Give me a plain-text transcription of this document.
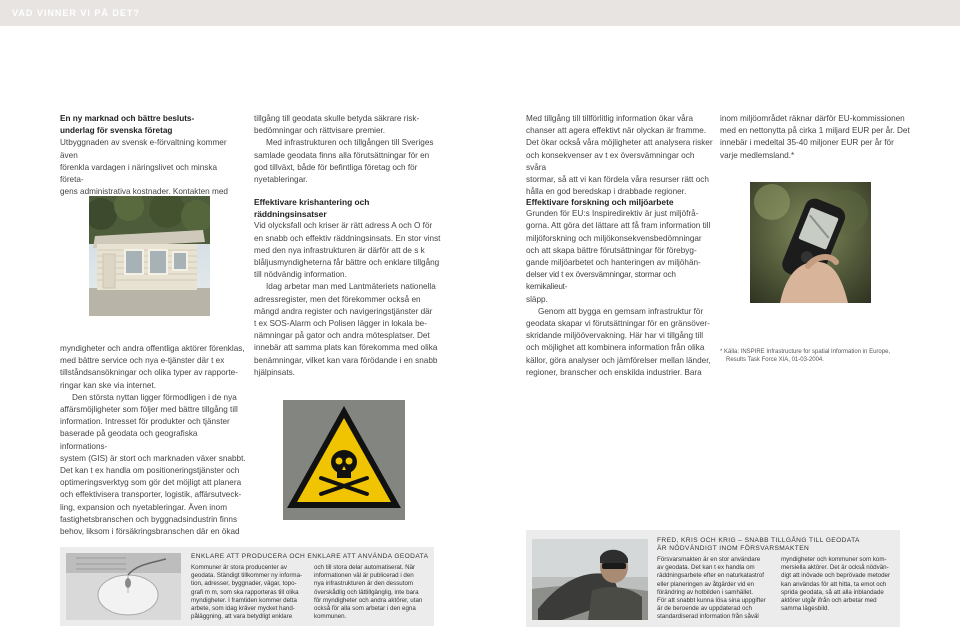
VAD VINNER VI PÅ DET?

En ny marknad och bättre besluts-

underlag för svenska företag

Utbyggnaden av svensk e-förvaltning kommer även

förenkla vardagen i näringslivet och minska företa-

gens administrativa kostnader. Kontakten med

myndigheter och andra offentliga aktörer förenklas,

med bättre service och nya e-tjänster där t ex

tillståndsansökningar och olika typer av rapporte-

ringar kan ske via internet.

Den största nyttan ligger förmodligen i de nya

affärsmöjligheter som följer med bättre tillgång till

information. Intresset för produkter och tjänster

baserade på geodata och geografiska informations-

system (GIS) är stort och marknaden växer snabbt.

Det kan t ex handla om positioneringstjänster och

optimeringsverktyg som gör det möjligt att planera

och effektivisera transporter, logistik, affärsutveck-

ling, expansion och nyetableringar. Även inom

fastighetsbranschen och byggnadsindustrin finns

behov, liksom i försäkringsbranschen där en ökad

tillgång till geodata skulle betyda säkrare risk-

bedömningar och rättvisare premier.

Med infrastrukturen och tillgången till Sveriges

samlade geodata finns alla förutsättningar för en

god tillväxt, både för befintliga företag och för

nyetableringar.

Effektivare krishantering och räddningsinsatser

Vid olycksfall och kriser är rätt adress A och O för

en snabb och effektiv räddningsinsats. En stor vinst

med den nya infrastrukturen är därför att de s k

blåljusmyndigheterna får bättre och enklare tillgång

till nödvändig information.

Idag arbetar man med Lantmäteriets nationella

adressregister, men det förekommer också en

mängd andra register och navigeringstjänster där

t ex SOS-Alarm och Polisen lägger in lokala be-

nämningar på gator och andra mötesplatser. Det

innebär att samma plats kan förekomma med olika

benämningar, vilket kan vara förödande i en snabb

hjälpinsats.

Med tillgång till tillförlitlig information ökar våra

chanser att agera effektivt när olyckan är framme.

Det ökar också våra möjligheter att analysera risker

och konsekvenser av t ex översvämningar och svåra

stormar, så att vi kan fördela våra resurser rätt och

hålla en god beredskap i drabbade regioner.

Effektivare forskning och miljöarbete

Grunden för EU:s Inspiredirektiv är just miljöfrå-

gorna. Att göra det lättare att få fram information till

miljöforskning och miljökonsekvensbedömningar

och att skapa bättre förutsättningar för förebyg-

gande miljöarbetet och hanteringen av miljöhän-

delser vid t ex översvämningar, stormar och kemikalieut-

släpp.

Genom att bygga en gemsam infrastruktur för

geodata skapar vi förutsättningar för en gränsöver-

skridande miljöövervakning. Här har vi tillgång till

och möjlighet att kombinera information från olika

källor, göra analyser och jämförelser mellan länder,

regioner, branscher och enskilda industrier. Bara

inom miljöområdet räknar därför EU-kommissionen

med en nettonytta på cirka 1 miljard EUR per år. Det

innebär i medeltal 35-40 miljoner EUR per år för

varje medlemsland.*

* Källa: INSPIRE Infrastructure for spatial Information in Europe,
Results Task Force XIA, 01-03-2004.
ENKLARE ATT PRODUCERA OCH ENKLARE ATT ANVÄNDA GEODATA
Kommuner är stora producenter av
geodata. Ständigt tillkommer ny informa-
tion, adresser, byggnader, vägar, topo-
grafi m m, som ska rapporteras till olika
myndigheter. I framtiden kommer detta
arbete, som idag kräver mycket hand-
påläggning, att vara betydligt enklare
och till stora delar automatiserat. När
informationen väl är publicerad i den
nya infrastrukturen är den dessutom
överskådlig och lättillgänglig, inte bara
för myndigheter och andra aktörer, utan
också för alla som arbetar i den egna
kommunen.
FRED, KRIS OCH KRIG – SNABB TILLGÅNG TILL GEODATA
ÄR NÖDVÄNDIGT INOM FÖRSVARSMAKTEN
Försvarsmakten är en stor användare
av geodata. Det kan t ex handla om
räddningsarbete efter en naturkatastrof
eller planeringen av åtgärder vid en
förändring av hotbilden i samhället.
För att snabbt kunna lösa sina uppgifter
är de beroende av uppdaterad och
standardiserad information från såväl
myndigheter och kommuner som kom-
mersiella aktörer. Det är också nödvän-
digt att inövade och beprövade metoder
kan användas för att hitta, ta emot och
sprida geodata, så att alla inblandade
aktörer utgår ifrån och arbetar med
samma lägesbild.
